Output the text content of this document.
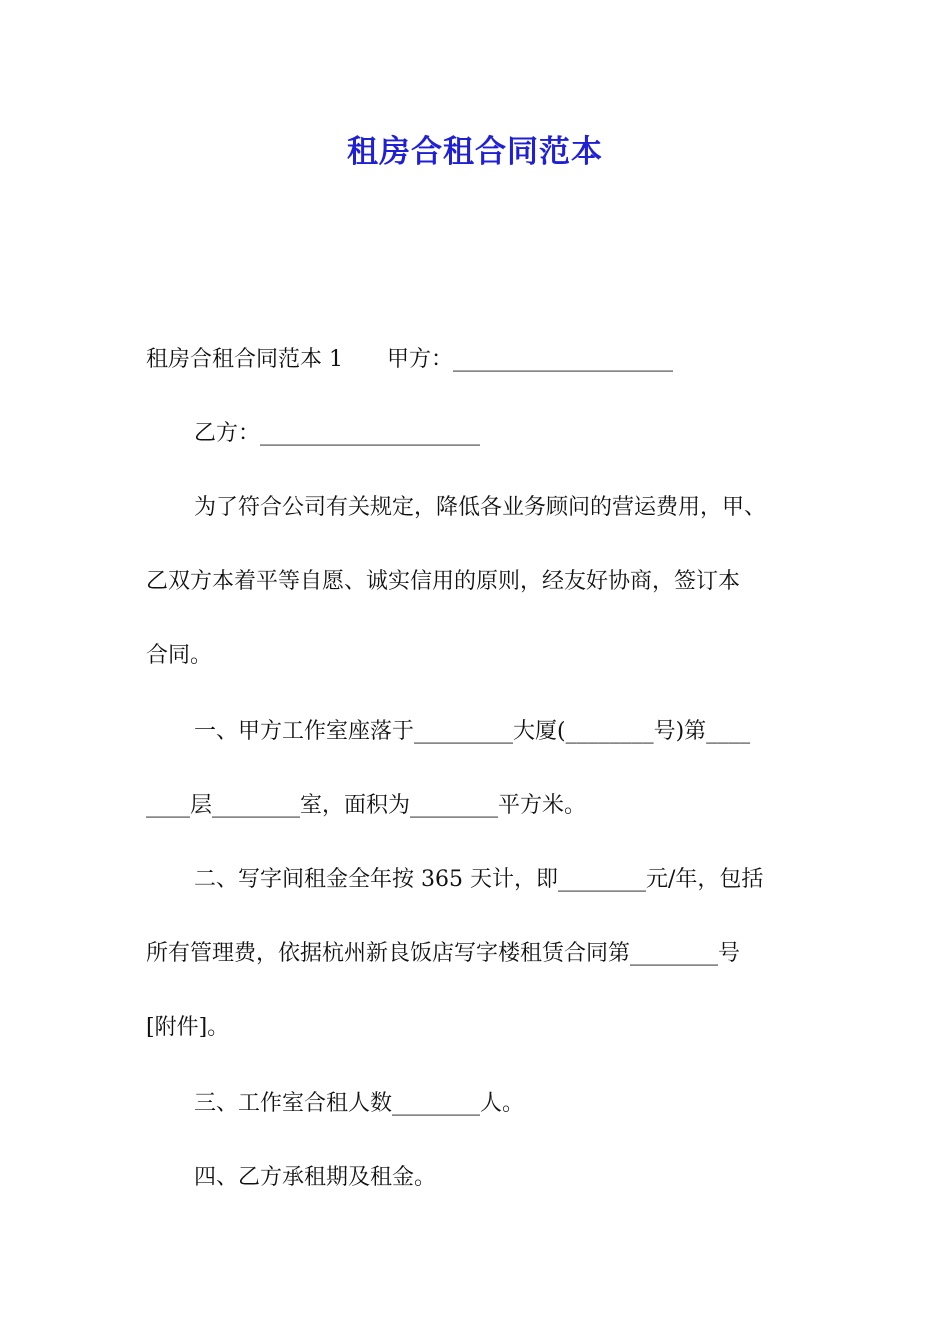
租房合租合同范本
租房合租合同范本 1　　甲方：____________________
乙方：____________________
为了符合公司有关规定，降低各业务顾问的营运费用，甲、
乙双方本着平等自愿、诚实信用的原则，经友好协商，签订本
合同。
一、甲方工作室座落于_________大厦(________号)第____
____层________室，面积为________平方米。
二、写字间租金全年按 365 天计，即________元/年，包括
所有管理费，依据杭州新良饭店写字楼租赁合同第________号
[附件]。
三、工作室合租人数________人。
四、乙方承租期及租金。
